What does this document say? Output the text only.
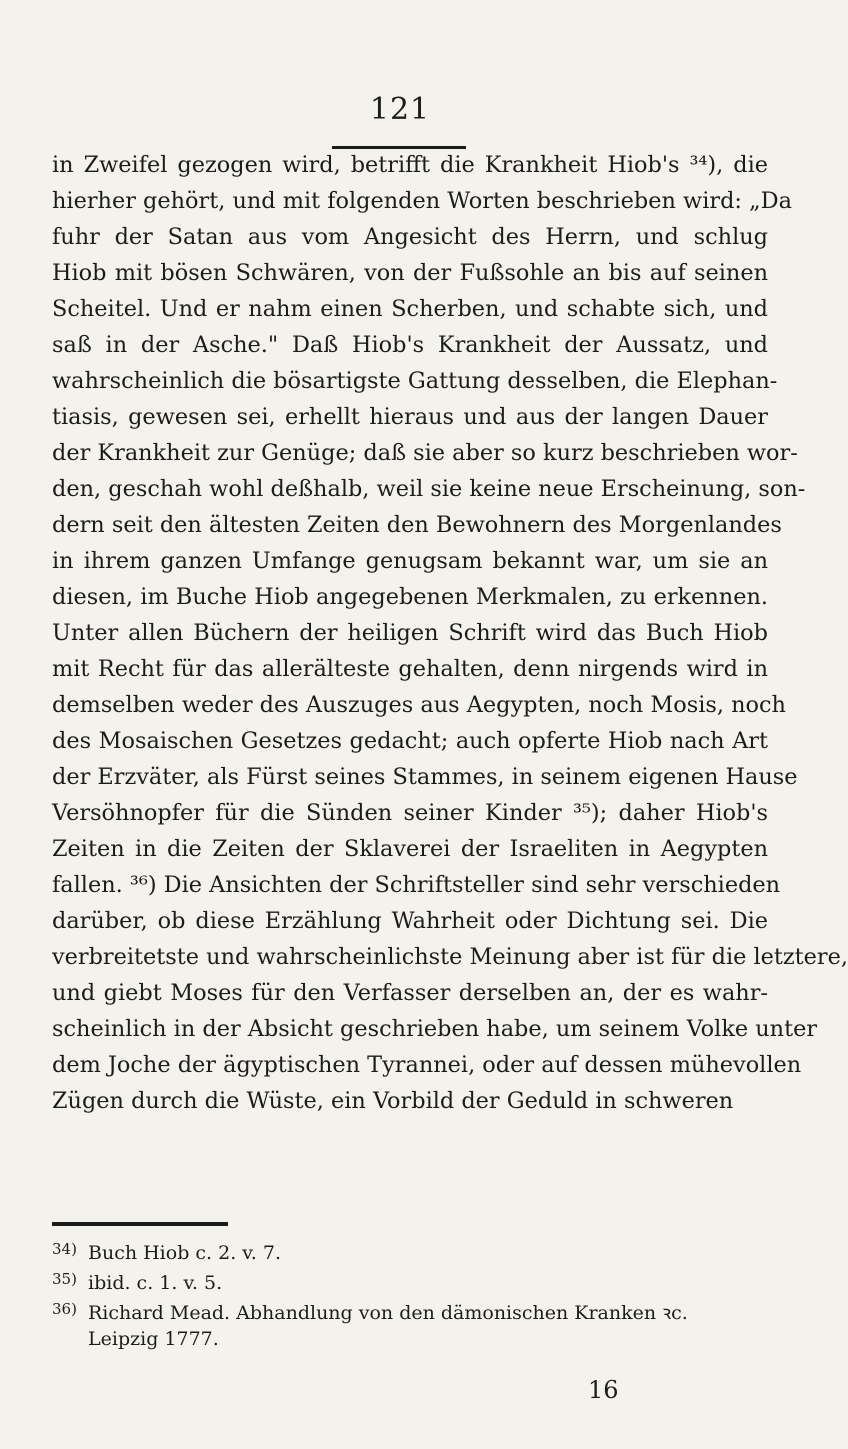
121
in Zweifel gezogen wird, betrifft die Krankheit Hiob's ³⁴), die
hierher gehört, und mit folgenden Worten beschrieben wird: „Da
fuhr der Satan aus vom Angesicht des Herrn, und schlug
Hiob mit bösen Schwären, von der Fußsohle an bis auf seinen
Scheitel. Und er nahm einen Scherben, und schabte sich, und
saß in der Asche." Daß Hiob's Krankheit der Aussatz, und
wahrscheinlich die bösartigste Gattung desselben, die Elephan-
tiasis, gewesen sei, erhellt hieraus und aus der langen Dauer
der Krankheit zur Genüge; daß sie aber so kurz beschrieben wor-
den, geschah wohl deßhalb, weil sie keine neue Erscheinung, son-
dern seit den ältesten Zeiten den Bewohnern des Morgenlandes
in ihrem ganzen Umfange genugsam bekannt war, um sie an
diesen, im Buche Hiob angegebenen Merkmalen, zu erkennen.
Unter allen Büchern der heiligen Schrift wird das Buch Hiob
mit Recht für das allerälteste gehalten, denn nirgends wird in
demselben weder des Auszuges aus Aegypten, noch Mosis, noch
des Mosaischen Gesetzes gedacht; auch opferte Hiob nach Art
der Erzväter, als Fürst seines Stammes, in seinem eigenen Hause
Versöhnopfer für die Sünden seiner Kinder ³⁵); daher Hiob's
Zeiten in die Zeiten der Sklaverei der Israeliten in Aegypten
fallen. ³⁶) Die Ansichten der Schriftsteller sind sehr verschieden
darüber, ob diese Erzählung Wahrheit oder Dichtung sei. Die
verbreitetste und wahrscheinlichste Meinung aber ist für die letztere,
und giebt Moses für den Verfasser derselben an, der es wahr-
scheinlich in der Absicht geschrieben habe, um seinem Volke unter
dem Joche der ägyptischen Tyrannei, oder auf dessen mühevollen
Zügen durch die Wüste, ein Vorbild der Geduld in schweren
34) Buch Hiob c. 2. v. 7.
35) ibid. c. 1. v. 5.
36) Richard Mead. Abhandlung von den dämonischen Kranken ꝛc.
Leipzig 1777.
16
